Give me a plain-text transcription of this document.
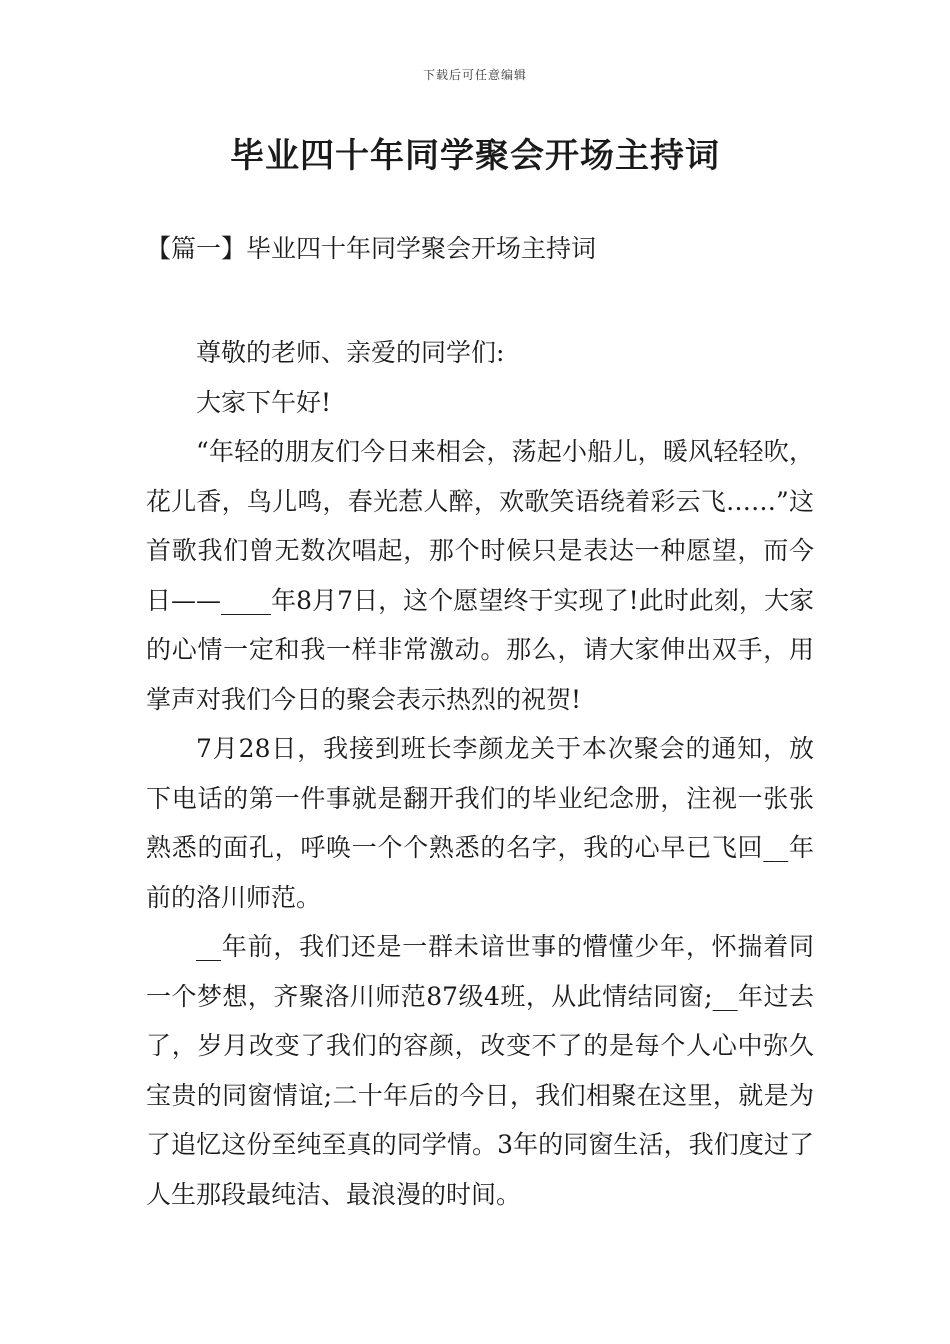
下载后可任意编辑
毕业四十年同学聚会开场主持词
【篇一】毕业四十年同学聚会开场主持词

尊敬的老师、亲爱的同学们:

大家下午好!

“年轻的朋友们今日来相会，荡起小船儿，暖风轻轻吹，花儿香，鸟儿鸣，春光惹人醉，欢歌笑语绕着彩云飞……”这首歌我们曾无数次唱起，那个时候只是表达一种愿望，而今日——____年8月7日，这个愿望终于实现了!此时此刻，大家的心情一定和我一样非常激动。那么，请大家伸出双手，用掌声对我们今日的聚会表示热烈的祝贺!

7月28日，我接到班长李颜龙关于本次聚会的通知，放下电话的第一件事就是翻开我们的毕业纪念册，注视一张张熟悉的面孔，呼唤一个个熟悉的名字，我的心早已飞回__年前的洛川师范。

__年前，我们还是一群未谙世事的懵懂少年，怀揣着同一个梦想，齐聚洛川师范87级4班，从此情结同窗;__年过去了，岁月改变了我们的容颜，改变不了的是每个人心中弥久宝贵的同窗情谊;二十年后的今日，我们相聚在这里，就是为了追忆这份至纯至真的同学情。3年的同窗生活，我们度过了人生那段最纯洁、最浪漫的时间。
